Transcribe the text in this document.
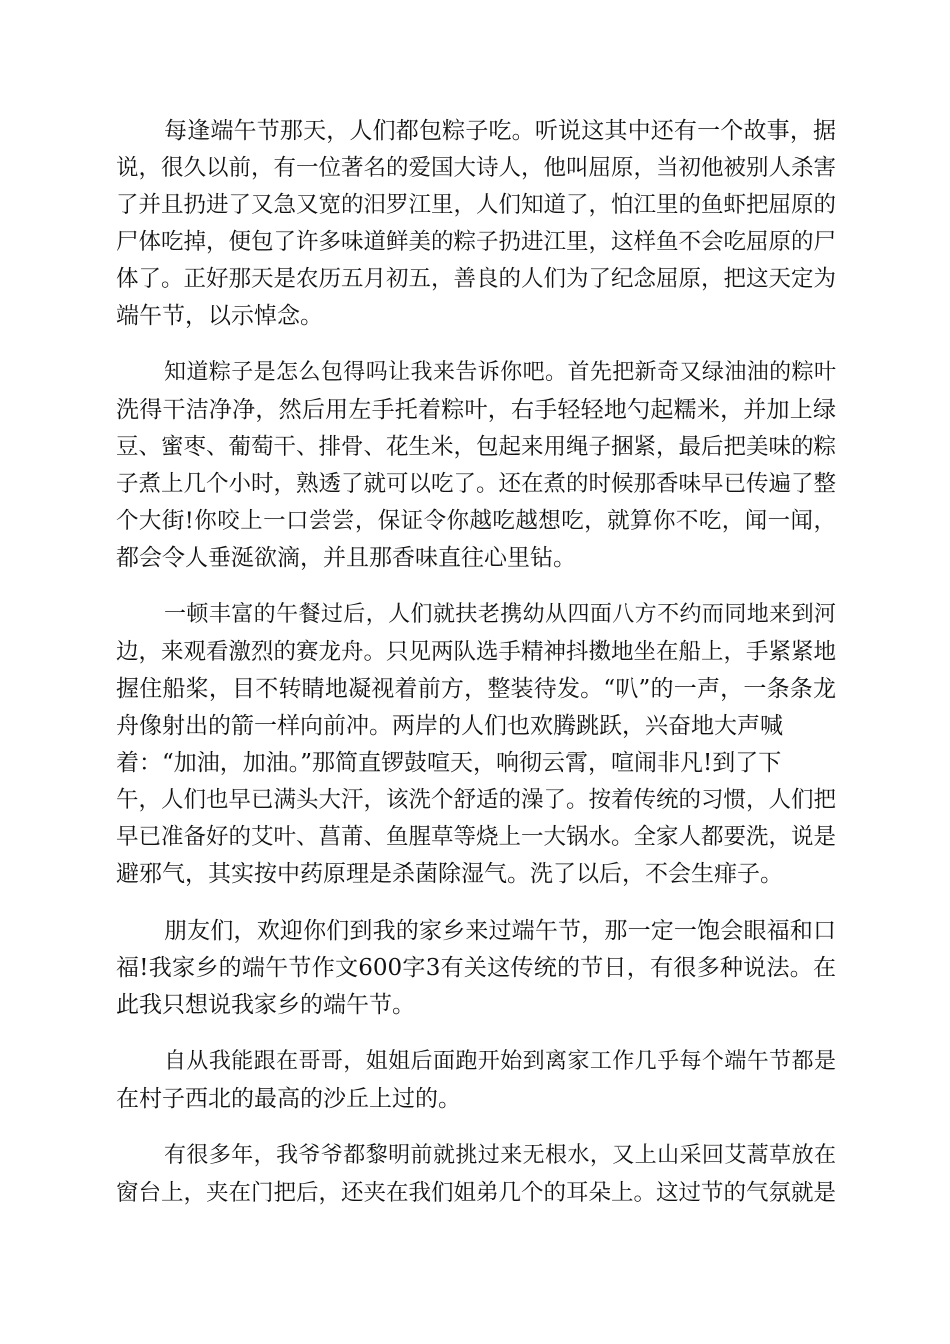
每逢端午节那天，人们都包粽子吃。听说这其中还有一个故事，据
说，很久以前，有一位著名的爱国大诗人，他叫屈原，当初他被别人杀害
了并且扔进了又急又宽的汨罗江里，人们知道了，怕江里的鱼虾把屈原的
尸体吃掉，便包了许多味道鲜美的粽子扔进江里，这样鱼不会吃屈原的尸
体了。正好那天是农历五月初五，善良的人们为了纪念屈原，把这天定为
端午节，以示悼念。
知道粽子是怎么包得吗让我来告诉你吧。首先把新奇又绿油油的粽叶
洗得干洁净净，然后用左手托着粽叶，右手轻轻地勺起糯米，并加上绿
豆、蜜枣、葡萄干、排骨、花生米，包起来用绳子捆紧，最后把美味的粽
子煮上几个小时，熟透了就可以吃了。还在煮的时候那香味早已传遍了整
个大街!你咬上一口尝尝，保证令你越吃越想吃，就算你不吃，闻一闻，
都会令人垂涎欲滴，并且那香味直往心里钻。
一顿丰富的午餐过后，人们就扶老携幼从四面八方不约而同地来到河
边，来观看激烈的赛龙舟。只见两队选手精神抖擞地坐在船上，手紧紧地
握住船桨，目不转睛地凝视着前方，整装待发。“叭”的一声，一条条龙
舟像射出的箭一样向前冲。两岸的人们也欢腾跳跃，兴奋地大声喊
着：“加油，加油。”那简直锣鼓喧天，响彻云霄，喧闹非凡!到了下
午，人们也早已满头大汗，该洗个舒适的澡了。按着传统的习惯，人们把
早已准备好的艾叶、菖莆、鱼腥草等烧上一大锅水。全家人都要洗，说是
避邪气，其实按中药原理是杀菌除湿气。洗了以后，不会生痱子。
朋友们，欢迎你们到我的家乡来过端午节，那一定一饱会眼福和口
福!我家乡的端午节作文600字3有关这传统的节日，有很多种说法。在
此我只想说我家乡的端午节。
自从我能跟在哥哥，姐姐后面跑开始到离家工作几乎每个端午节都是
在村子西北的最高的沙丘上过的。
有很多年，我爷爷都黎明前就挑过来无根水，又上山采回艾蒿草放在
窗台上，夹在门把后，还夹在我们姐弟几个的耳朵上。这过节的气氛就是
